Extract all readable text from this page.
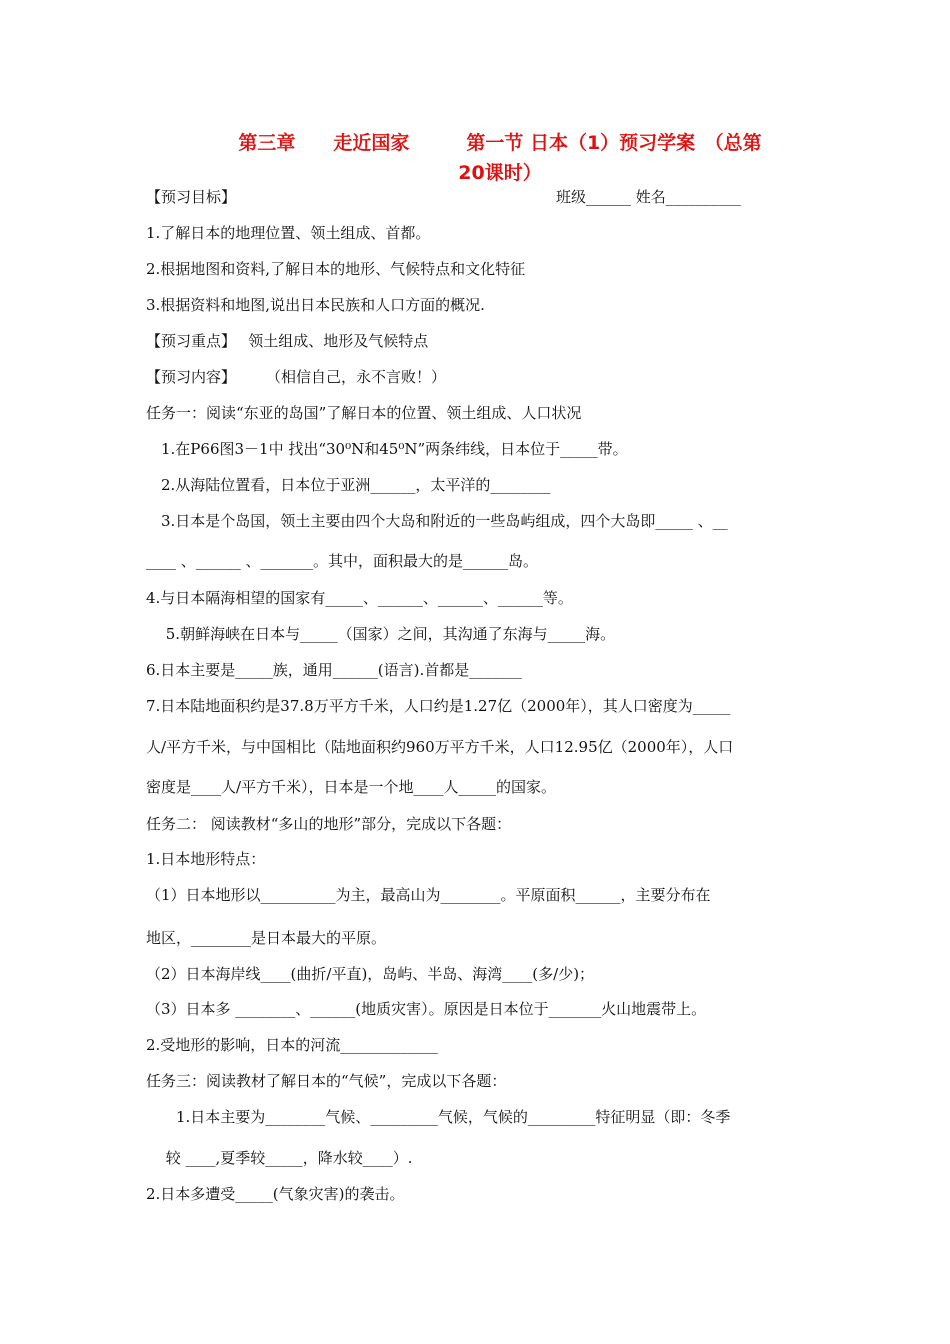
第三章　　走近国家　　　第一节 日本（1）预习学案　（总第
20课时）
班级______ 姓名__________
【预习目标】
1.了解日本的地理位置、领土组成、首都。
2.根据地图和资料,了解日本的地形、气候特点和文化特征
3.根据资料和地图,说出日本民族和人口方面的概况.
【预习重点】　 领土组成、地形及气候特点
【预习内容】　　　（相信自己，永不言败！）
任务一：阅读“东亚的岛国”了解日本的位置、领土组成、人口状况
　1.在P66图3－1中 找出“30⁰N和45⁰N”两条纬线，日本位于_____带。
　2.从海陆位置看，日本位于亚洲______，太平洋的________
　3.日本是个岛国，领土主要由四个大岛和附近的一些岛屿组成，四个大岛即_____ 、__
____ 、______ 、_______。其中，面积最大的是______岛。
4.与日本隔海相望的国家有_____、______、______、______等。
　 5.朝鲜海峡在日本与_____（国家）之间，其沟通了东海与_____海。
6.日本主要是_____族，通用______(语言).首都是_______
7.日本陆地面积约是37.8万平方千米，人口约是1.27亿（2000年），其人口密度为_____
人/平方千米，与中国相比（陆地面积约960万平方千米，人口12.95亿（2000年），人口
密度是____人/平方千米），日本是一个地____人_____的国家。
任务二： 阅读教材“多山的地形”部分，完成以下各题：
1.日本地形特点：
（1）日本地形以__________为主，最高山为________。平原面积______，主要分布在
地区，________是日本最大的平原。
（2）日本海岸线____(曲折/平直)，岛屿、半岛、海湾____(多/少)；
（3）日本多 ________、______(地质灾害）。原因是日本位于_______火山地震带上。
2.受地形的影响，日本的河流_____________
任务三：阅读教材了解日本的“气候”，完成以下各题：
　　1.日本主要为________气候、_________气候，气候的_________特征明显（即：冬季
　 较 ____,夏季较_____，降水较____）.
2.日本多遭受_____(气象灾害)的袭击。
